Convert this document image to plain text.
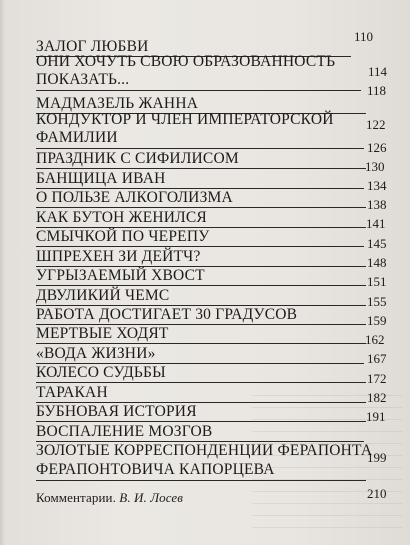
ЗАЛОГ ЛЮБВИ
110
ОНИ ХОЧУТЬ СВОЮ ОБРАЗОВАННОСТЬ
ПОКАЗАТЬ...	114
МАДМАЗЕЛЬ ЖАННА
118
КОНДУКТОР И ЧЛЕН ИМПЕРАТОРСКОЙ
ФАМИЛИИ
122
ПРАЗДНИК С СИФИЛИСОМ
126
БАНЩИЦА ИВАН
130
О ПОЛЬЗЕ АЛКОГОЛИЗМА
134
КАК БУТОН ЖЕНИЛСЯ
138
СМЫЧКОЙ ПО ЧЕРЕПУ
141
ШПРЕХЕН ЗИ ДЕЙТЧ?
145
УГРЫЗАЕМЫЙ ХВОСТ
148
ДВУЛИКИЙ ЧЕМС
151
РАБОТА ДОСТИГАЕТ 30 ГРАДУСОВ
155
МЕРТВЫЕ ХОДЯТ
159
«ВОДА ЖИЗНИ»
162
КОЛЕСО СУДЬБЫ
167
ТАРАКАН
172
БУБНОВАЯ ИСТОРИЯ
182
ВОСПАЛЕНИЕ МОЗГОВ
191
ЗОЛОТЫЕ КОРРЕСПОНДЕНЦИИ ФЕРАПОНТА
ФЕРАПОНТОВИЧА КАПОРЦЕВА
199
Комментарии. В. И. Лосев	210
